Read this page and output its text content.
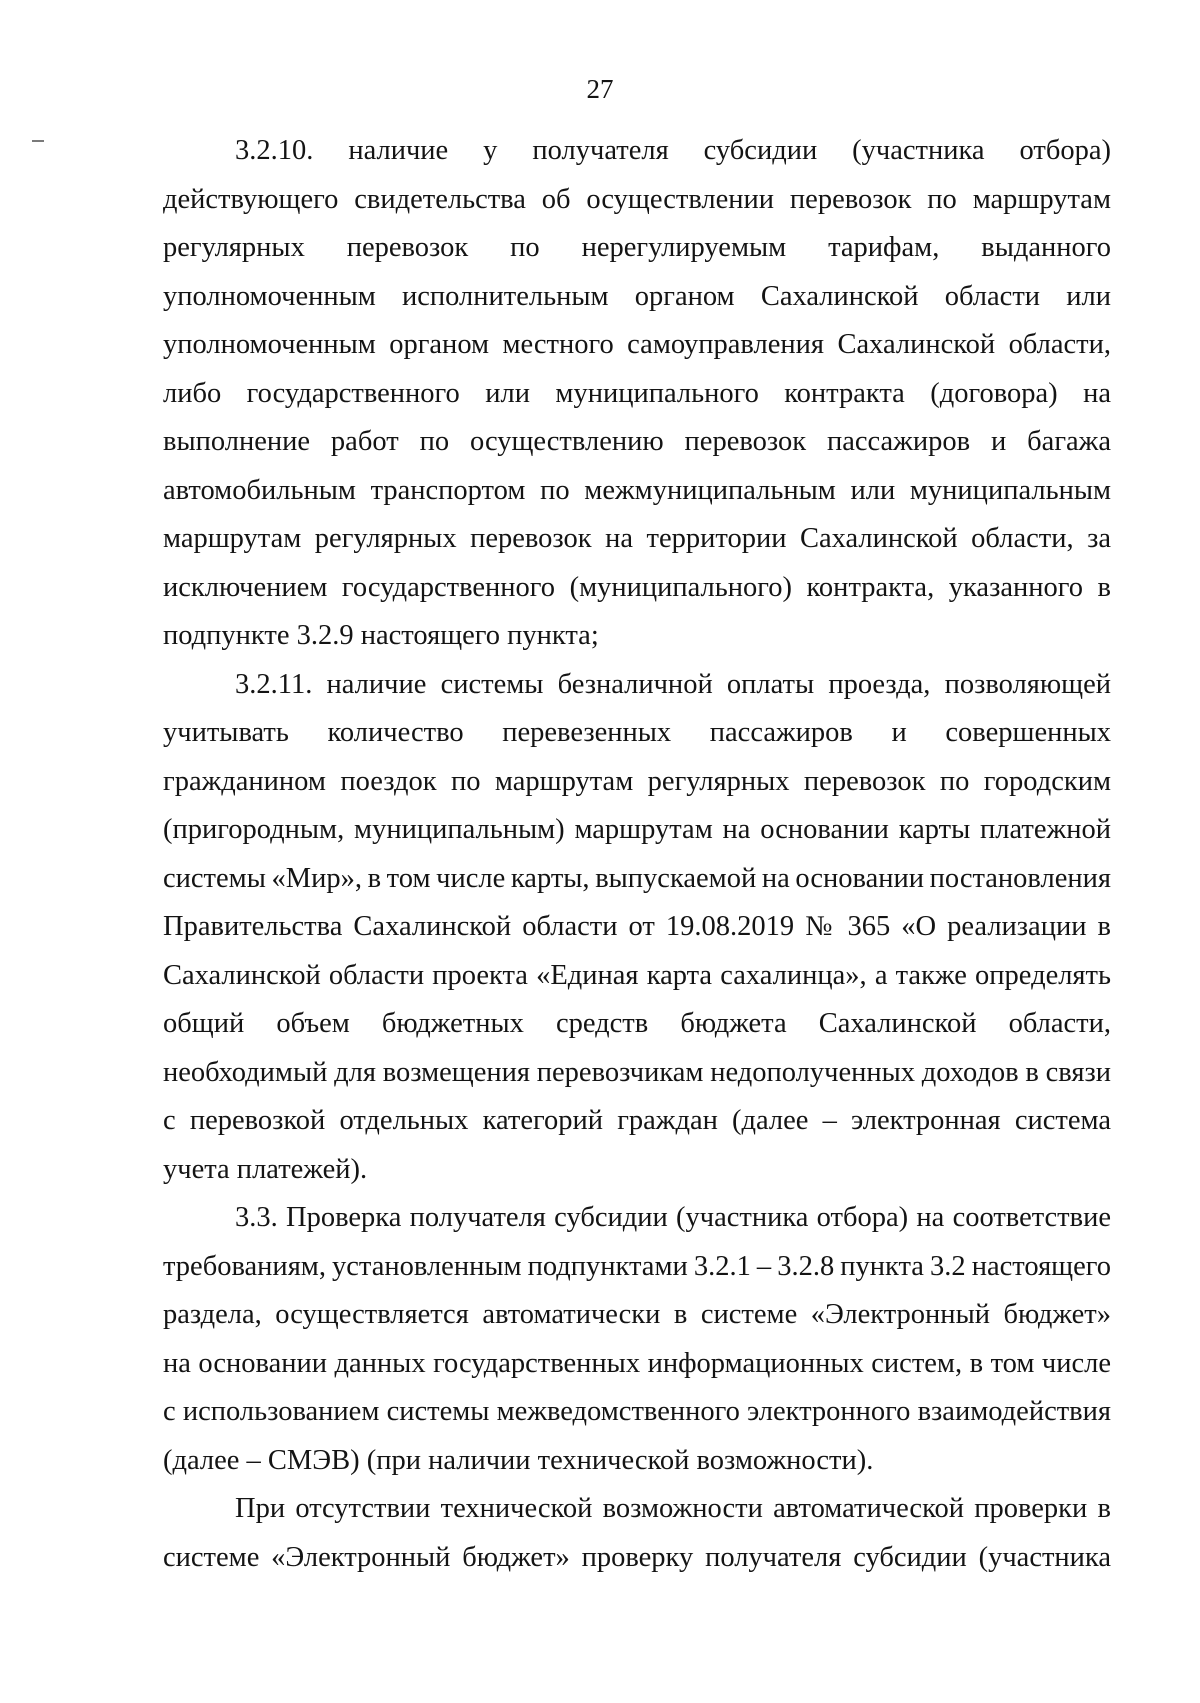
27

3.2.10. наличие у получателя субсидии (участника отбора)
действующего свидетельства об осуществлении перевозок по маршрутам
регулярных перевозок по нерегулируемым тарифам, выданного
уполномоченным исполнительным органом Сахалинской области или
уполномоченным органом местного самоуправления Сахалинской области,
либо государственного или муниципального контракта (договора) на
выполнение работ по осуществлению перевозок пассажиров и багажа
автомобильным транспортом по межмуниципальным или муниципальным
маршрутам регулярных перевозок на территории Сахалинской области, за
исключением государственного (муниципального) контракта, указанного в
подпункте 3.2.9 настоящего пункта;

3.2.11. наличие системы безналичной оплаты проезда, позволяющей
учитывать количество перевезенных пассажиров и совершенных
гражданином поездок по маршрутам регулярных перевозок по городским
(пригородным, муниципальным) маршрутам на основании карты платежной
системы «Мир», в том числе карты, выпускаемой на основании постановления
Правительства Сахалинской области от 19.08.2019 № 365 «О реализации в
Сахалинской области проекта «Единая карта сахалинца», а также определять
общий объем бюджетных средств бюджета Сахалинской области,
необходимый для возмещения перевозчикам недополученных доходов в связи
с перевозкой отдельных категорий граждан (далее – электронная система
учета платежей).

3.3. Проверка получателя субсидии (участника отбора) на соответствие
требованиям, установленным подпунктами 3.2.1 – 3.2.8 пункта 3.2 настоящего
раздела, осуществляется автоматически в системе «Электронный бюджет»
на основании данных государственных информационных систем, в том числе
с использованием системы межведомственного электронного взаимодействия
(далее – СМЭВ) (при наличии технической возможности).

При отсутствии технической возможности автоматической проверки в
системе «Электронный бюджет» проверку получателя субсидии (участника
